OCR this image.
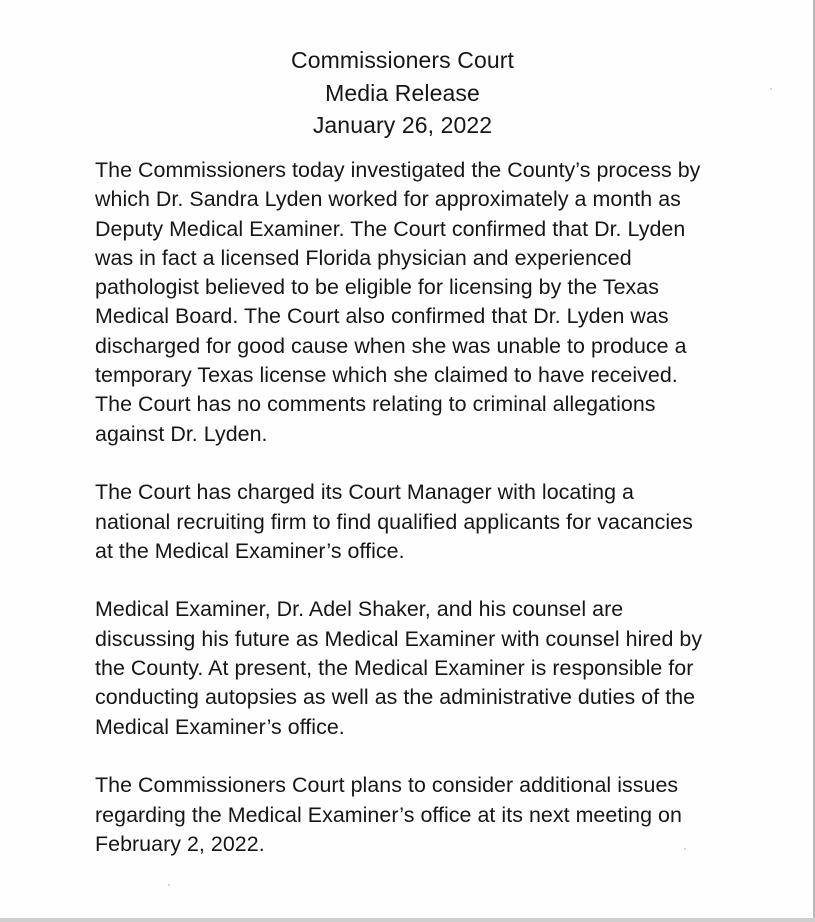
Commissioners Court
Media Release
January 26, 2022

The Commissioners today investigated the County’s process by
which Dr. Sandra Lyden worked for approximately a month as
Deputy Medical Examiner. The Court confirmed that Dr. Lyden
was in fact a licensed Florida physician and experienced
pathologist believed to be eligible for licensing by the Texas
Medical Board. The Court also confirmed that Dr. Lyden was
discharged for good cause when she was unable to produce a
temporary Texas license which she claimed to have received.
The Court has no comments relating to criminal allegations
against Dr. Lyden.

The Court has charged its Court Manager with locating a
national recruiting firm to find qualified applicants for vacancies
at the Medical Examiner’s office.

Medical Examiner, Dr. Adel Shaker, and his counsel are
discussing his future as Medical Examiner with counsel hired by
the County. At present, the Medical Examiner is responsible for
conducting autopsies as well as the administrative duties of the
Medical Examiner’s office.

The Commissioners Court plans to consider additional issues
regarding the Medical Examiner’s office at its next meeting on
February 2, 2022.
